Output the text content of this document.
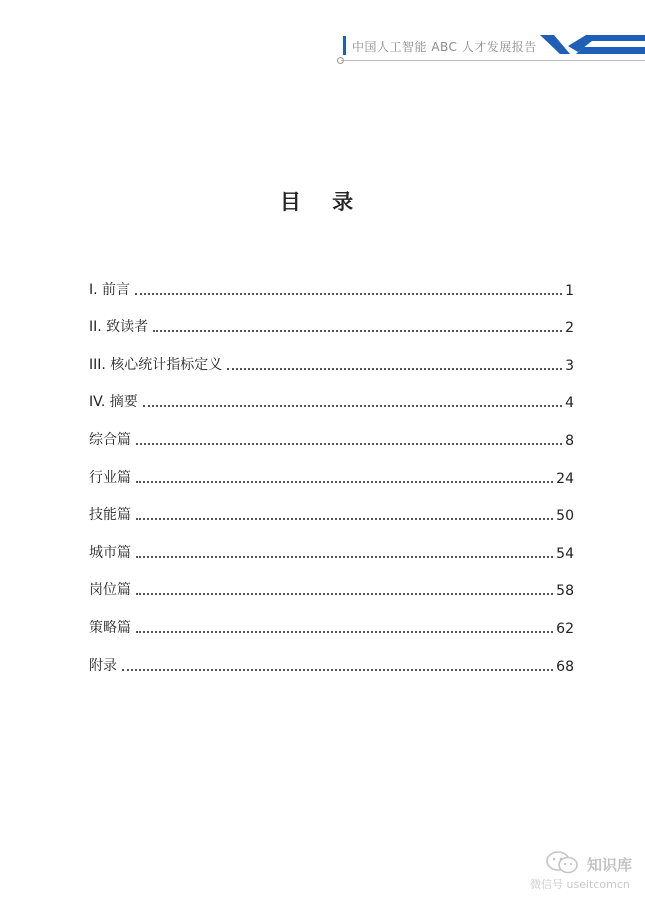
中国人工智能 ABC 人才发展报告
目 录
I. 前言	1
II. 致读者	2
III. 核心统计指标定义	3
IV. 摘要	4
综合篇	8
行业篇	24
技能篇	50
城市篇	54
岗位篇	58
策略篇	62
附录	68
知识库
微信号 useitcomcn
